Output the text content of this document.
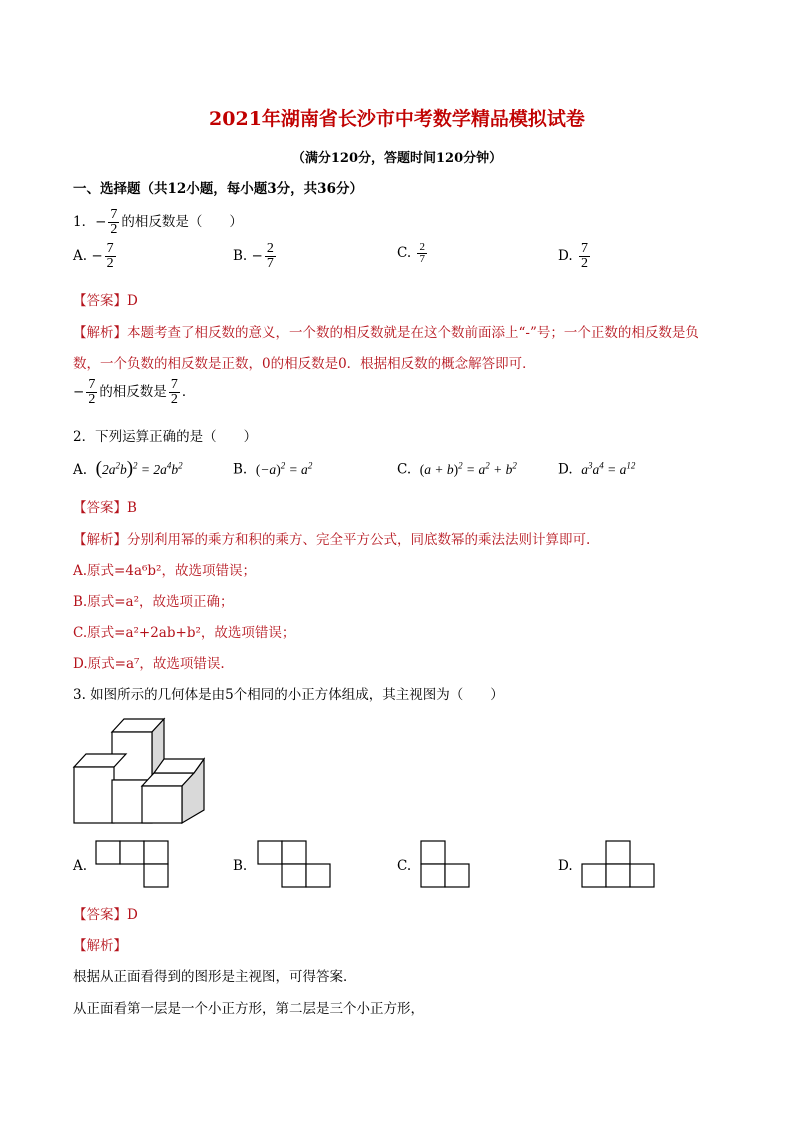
2021年湖南省长沙市中考数学精品模拟试卷
（满分120分，答题时间120分钟）
一、选择题（共12小题，每小题3分，共36分）
1．− $\frac{7}{2}$ 的相反数是（　　）
A. − $\frac{7}{2}$	B. − $\frac{2}{7}$	C. $\frac{2}{7}$	D. $\frac{7}{2}$
【答案】D
【解析】本题考查了相反数的意义，一个数的相反数就是在这个数前面添上“-”号；一个正数的相反数是负
数，一个负数的相反数是正数，0的相反数是0．根据相反数的概念解答即可．
− $\frac{7}{2}$ 的相反数是 $\frac{7}{2}$ ．
2．下列运算正确的是（　　）
A. $(2a^2b)^2 = 2a^4b^2$	B. $(-a)^2 = a^2$	C. $(a + b)^2 = a^2 + b^2$	D. $a^3a^4 = a^{12}$
【答案】B
【解析】分别利用幂的乘方和积的乘方、完全平方公式，同底数幂的乘法法则计算即可.
A.原式=4a⁶b²，故选项错误；
B.原式=a²，故选项正确；
C.原式=a²+2ab+b²，故选项错误；
D.原式=a⁷，故选项错误.
3. 如图所示的几何体是由5个相同的小正方体组成，其主视图为（　　）
A.	B.	C.	D.
【答案】D
【解析】
根据从正面看得到的图形是主视图，可得答案．
从正面看第一层是一个小正方形，第二层是三个小正方形，
